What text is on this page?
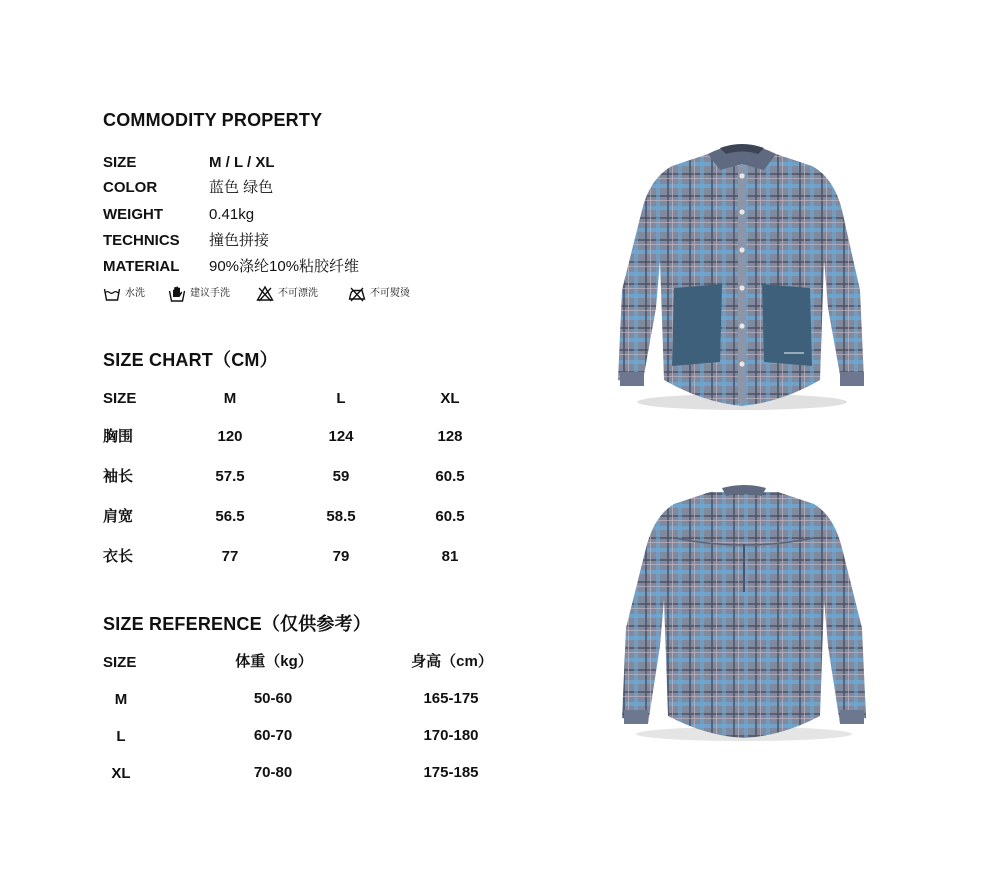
COMMODITY PROPERTY
SIZE	M / L / XL
COLOR	蓝色 绿色
WEIGHT	0.41kg
TECHNICS 撞色拼接
MATERIAL 90%涤纶10%粘胶纤维
水洗	建议手洗	不可漂洗	不可熨烫
SIZE CHART（CM）
SIZE	M	L	XL
胸围	120	124	128
袖长	57.5	59	60.5
肩宽	56.5	58.5	60.5
衣长	77	79	81
SIZE REFERENCE（仅供参考）
SIZE	体重（kg）	身高（cm）
M	50-60	165-175
L	60-70	170-180
XL	70-80	175-185
